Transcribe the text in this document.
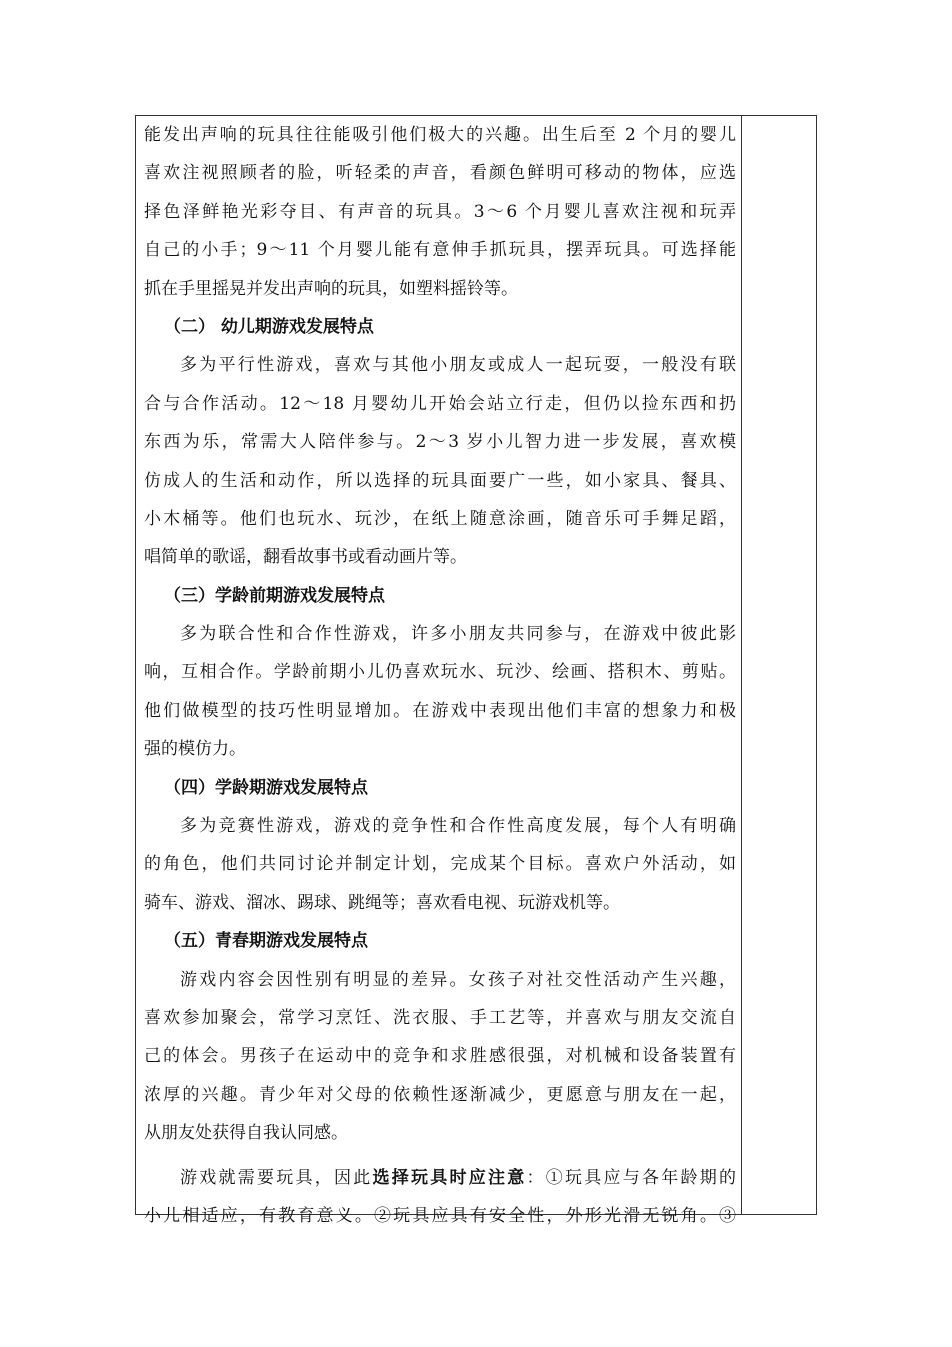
能发出声响的玩具往往能吸引他们极大的兴趣。出生后至 2 个月的婴儿
喜欢注视照顾者的脸，听轻柔的声音，看颜色鲜明可移动的物体，应选
择色泽鲜艳光彩夺目、有声音的玩具。3～6 个月婴儿喜欢注视和玩弄
自己的小手；9～11 个月婴儿能有意伸手抓玩具，摆弄玩具。可选择能
抓在手里摇晃并发出声响的玩具，如塑料摇铃等。
（二） 幼儿期游戏发展特点
多为平行性游戏，喜欢与其他小朋友或成人一起玩耍，一般没有联
合与合作活动。12～18 月婴幼儿开始会站立行走，但仍以捡东西和扔
东西为乐，常需大人陪伴参与。2～3 岁小儿智力进一步发展，喜欢模
仿成人的生活和动作，所以选择的玩具面要广一些，如小家具、餐具、
小木桶等。他们也玩水、玩沙，在纸上随意涂画，随音乐可手舞足蹈，
唱简单的歌谣，翻看故事书或看动画片等。
（三）学龄前期游戏发展特点
多为联合性和合作性游戏，许多小朋友共同参与，在游戏中彼此影
响，互相合作。学龄前期小儿仍喜欢玩水、玩沙、绘画、搭积木、剪贴。
他们做模型的技巧性明显增加。在游戏中表现出他们丰富的想象力和极
强的模仿力。
（四）学龄期游戏发展特点
多为竞赛性游戏，游戏的竞争性和合作性高度发展，每个人有明确
的角色，他们共同讨论并制定计划，完成某个目标。喜欢户外活动，如
骑车、游戏、溜冰、踢球、跳绳等；喜欢看电视、玩游戏机等。
（五）青春期游戏发展特点
游戏内容会因性别有明显的差异。女孩子对社交性活动产生兴趣，
喜欢参加聚会，常学习烹饪、洗衣服、手工艺等，并喜欢与朋友交流自
己的体会。男孩子在运动中的竞争和求胜感很强，对机械和设备装置有
浓厚的兴趣。青少年对父母的依赖性逐渐减少，更愿意与朋友在一起，
从朋友处获得自我认同感。
游戏就需要玩具，因此选择玩具时应注意：①玩具应与各年龄期的
小儿相适应，有教育意义。②玩具应具有安全性，外形光滑无锐角。③
